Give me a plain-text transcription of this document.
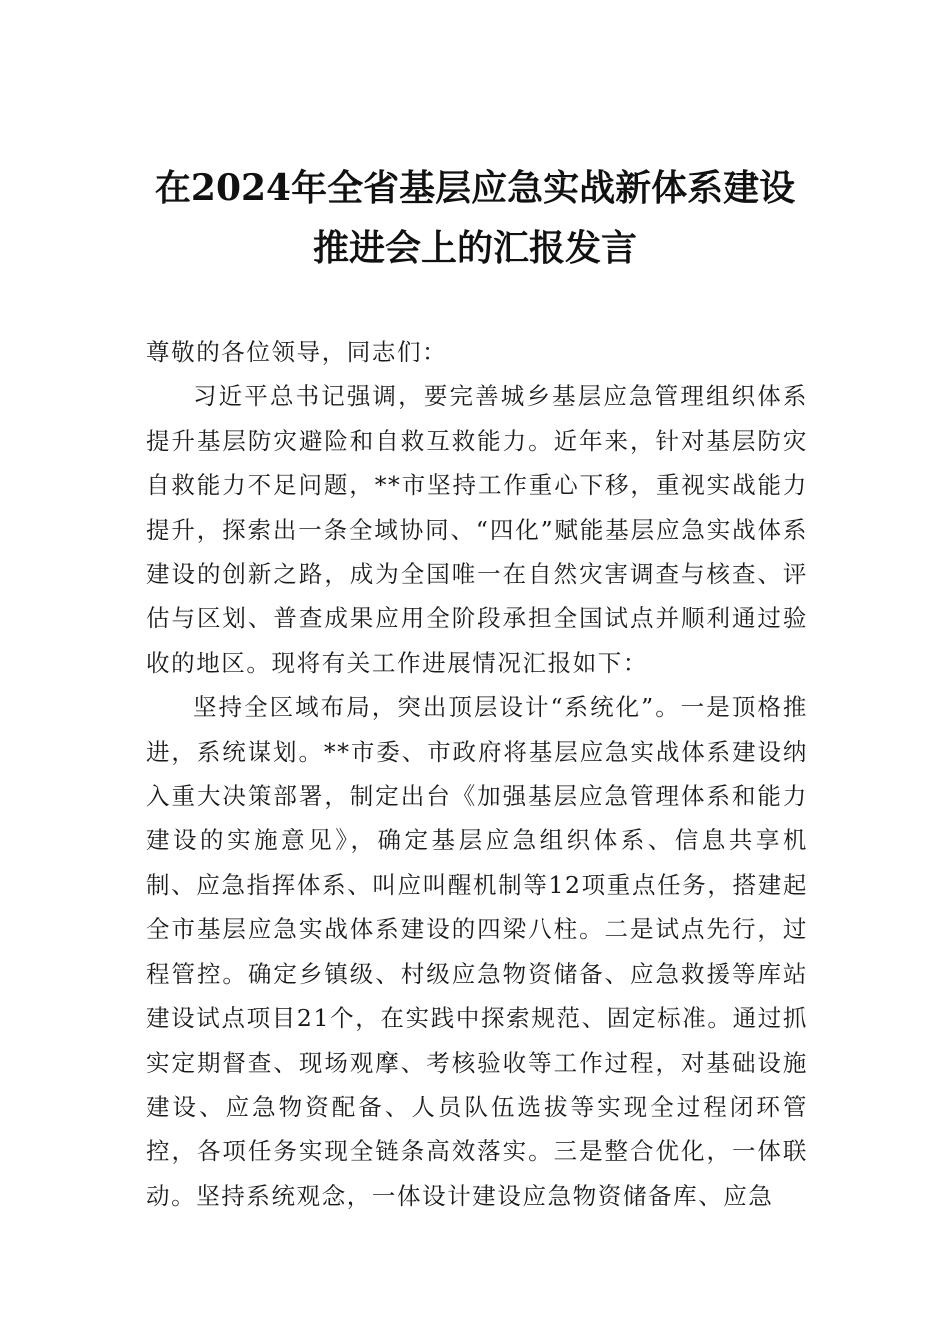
在2024年全省基层应急实战新体系建设推进会上的汇报发言

尊敬的各位领导，同志们：

习近平总书记强调，要完善城乡基层应急管理组织体系提升基层防灾避险和自救互救能力。近年来，针对基层防灾自救能力不足问题，**市坚持工作重心下移，重视实战能力提升，探索出一条全域协同、“四化”赋能基层应急实战体系建设的创新之路，成为全国唯一在自然灾害调查与核查、评估与区划、普查成果应用全阶段承担全国试点并顺利通过验收的地区。现将有关工作进展情况汇报如下：

坚持全区域布局，突出顶层设计“系统化”。一是顶格推进，系统谋划。**市委、市政府将基层应急实战体系建设纳入重大决策部署，制定出台《加强基层应急管理体系和能力建设的实施意见》，确定基层应急组织体系、信息共享机制、应急指挥体系、叫应叫醒机制等12项重点任务，搭建起全市基层应急实战体系建设的四梁八柱。二是试点先行，过程管控。确定乡镇级、村级应急物资储备、应急救援等库站建设试点项目21个，在实践中探索规范、固定标准。通过抓实定期督查、现场观摩、考核验收等工作过程，对基础设施建设、应急物资配备、人员队伍选拔等实现全过程闭环管控，各项任务实现全链条高效落实。三是整合优化，一体联动。坚持系统观念，一体设计建设应急物资储备库、应急
